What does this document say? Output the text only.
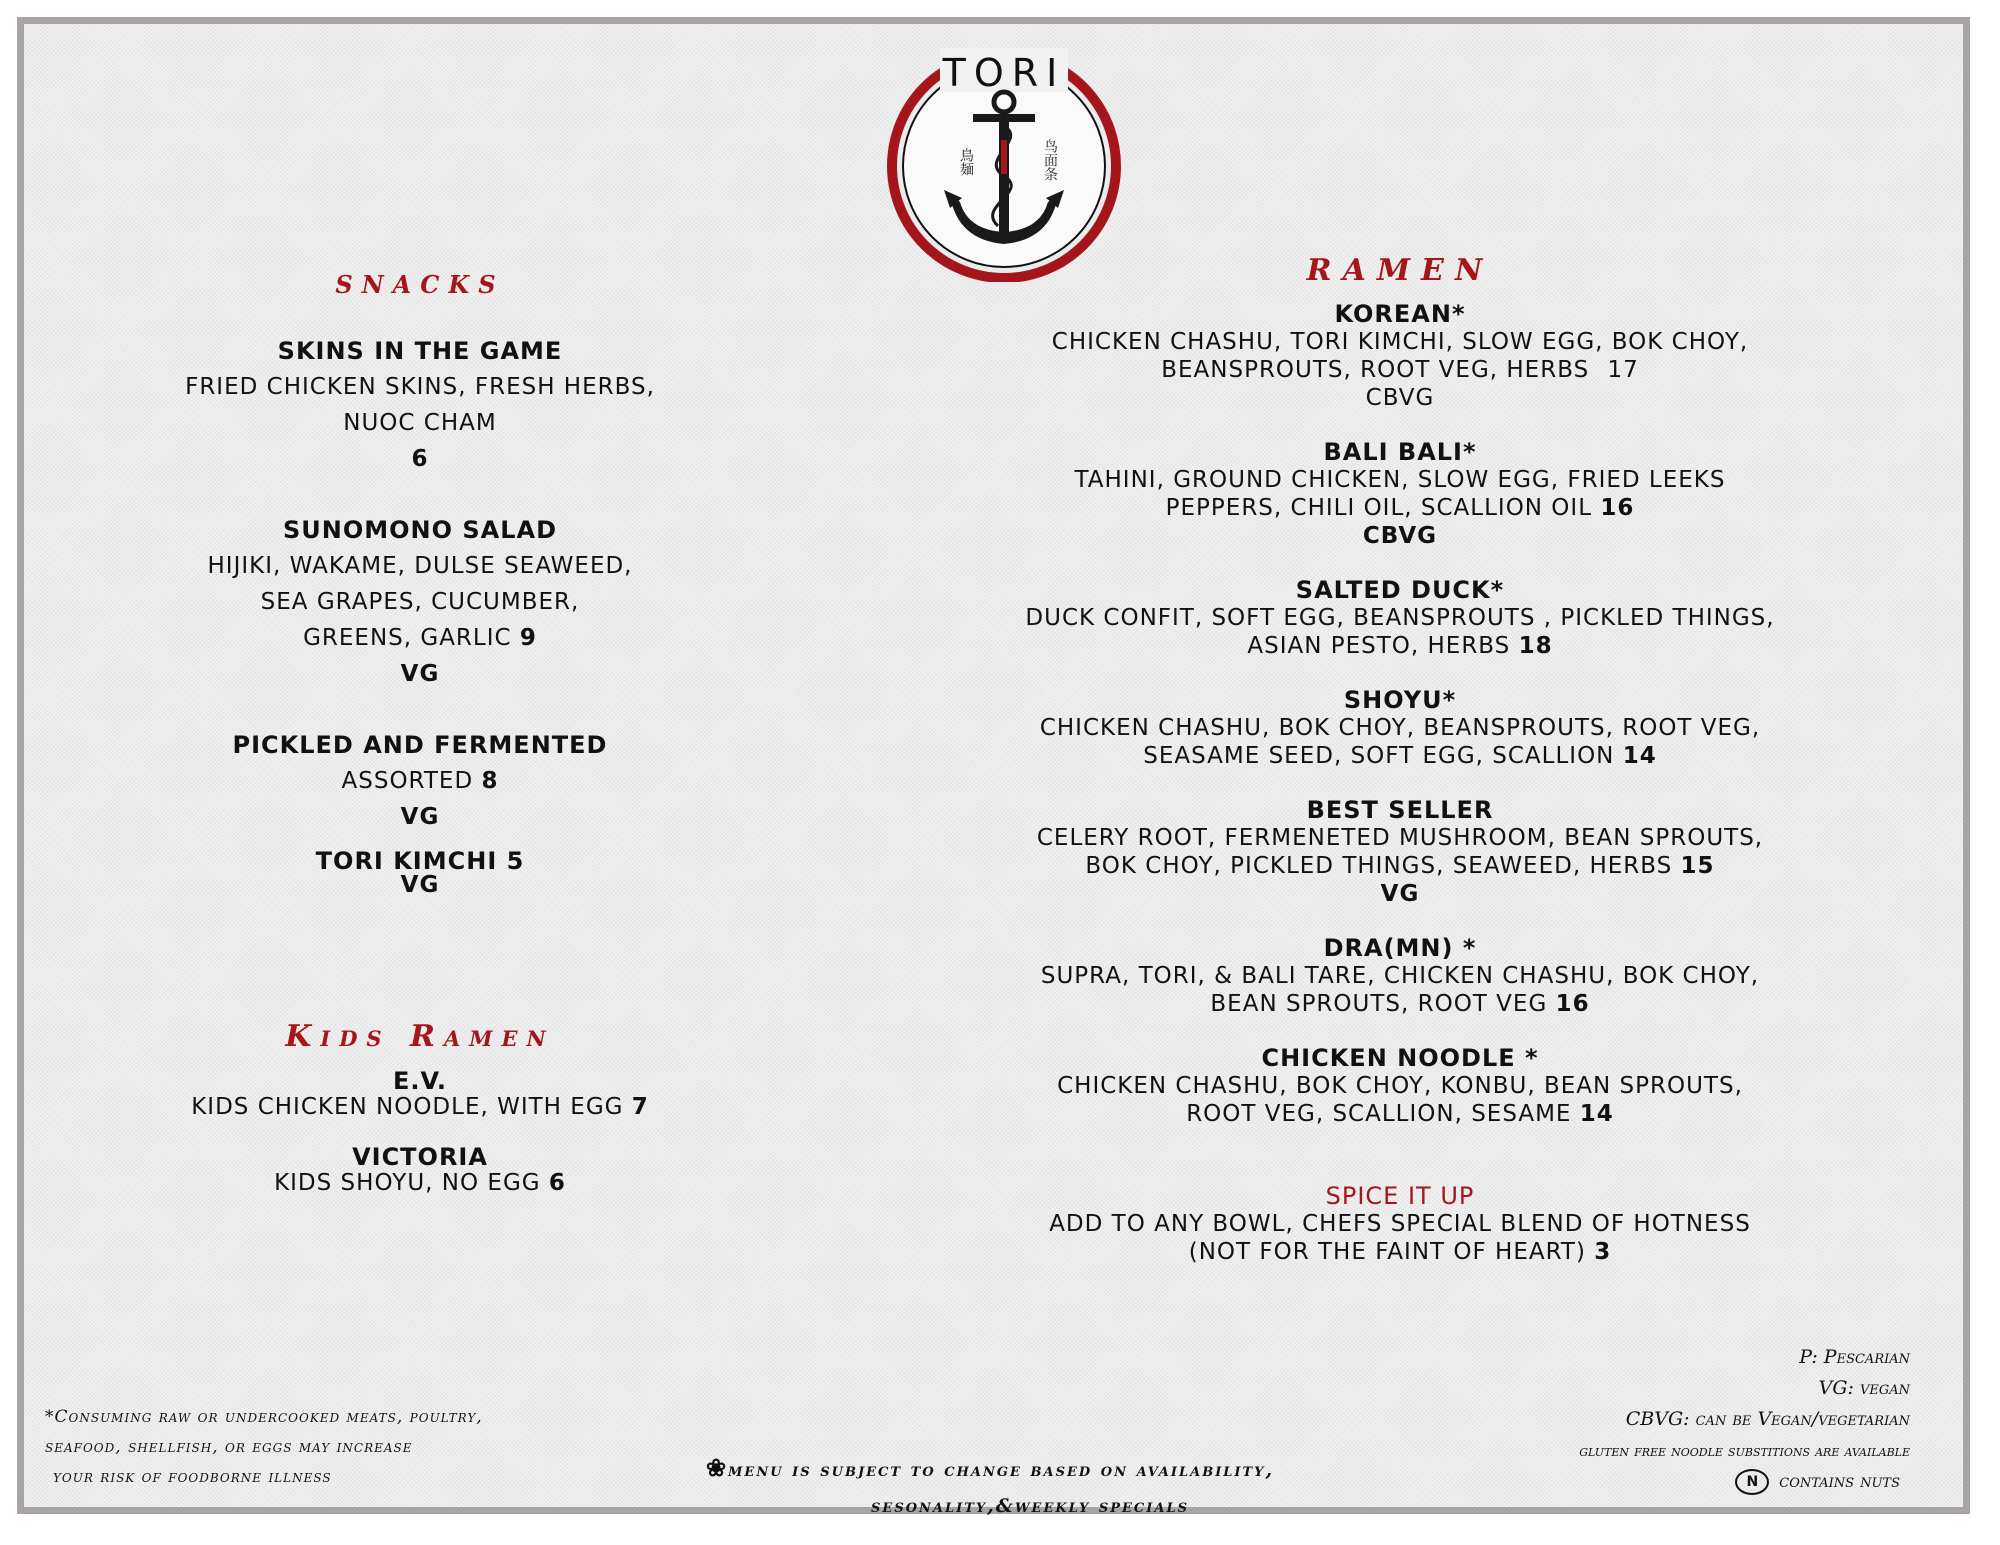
TORI
鳥麺	鸟面条
SNACKS
SKINS IN THE GAME
FRIED CHICKEN SKINS, FRESH HERBS,
NUOC CHAM
6
SUNOMONO SALAD
HIJIKI, WAKAME, DULSE SEAWEED,
SEA GRAPES, CUCUMBER,
GREENS, GARLIC 9
VG
PICKLED AND FERMENTED
ASSORTED 8
VG
TORI KIMCHI 5
VG
Kids Ramen
E.V.
KIDS CHICKEN NOODLE, WITH EGG 7
VICTORIA
KIDS SHOYU, NO EGG 6
RAMEN
KOREAN*
CHICKEN CHASHU, TORI KIMCHI, SLOW EGG, BOK CHOY,
BEANSPROUTS, ROOT VEG, HERBS 17
CBVG
BALI BALI*
TAHINI, GROUND CHICKEN, SLOW EGG, FRIED LEEKS
PEPPERS, CHILI OIL, SCALLION OIL 16
CBVG
SALTED DUCK*
DUCK CONFIT, SOFT EGG, BEANSPROUTS , PICKLED THINGS,
ASIAN PESTO, HERBS 18
SHOYU*
CHICKEN CHASHU, BOK CHOY, BEANSPROUTS, ROOT VEG,
SEASAME SEED, SOFT EGG, SCALLION 14
BEST SELLER
CELERY ROOT, FERMENETED MUSHROOM, BEAN SPROUTS,
BOK CHOY, PICKLED THINGS, SEAWEED, HERBS 15
VG
DRA(MN) *
SUPRA, TORI, & BALI TARE, CHICKEN CHASHU, BOK CHOY,
BEAN SPROUTS, ROOT VEG 16
CHICKEN NOODLE *
CHICKEN CHASHU, BOK CHOY, KONBU, BEAN SPROUTS,
ROOT VEG, SCALLION, SESAME 14
SPICE IT UP
ADD TO ANY BOWL, CHEFS SPECIAL BLEND OF HOTNESS
(NOT FOR THE FAINT OF HEART) 3
*Consuming raw or undercooked meats, poultry,
seafood, shellfish, or eggs may increase
your risk of foodborne illness	❀menu is subject to change based on availability,
sesonality,&weekly specials
P: Pescarian
VG: vegan
CBVG: can be Vegan/vegetarian
gluten free noodle substitions are available
N contains nuts
